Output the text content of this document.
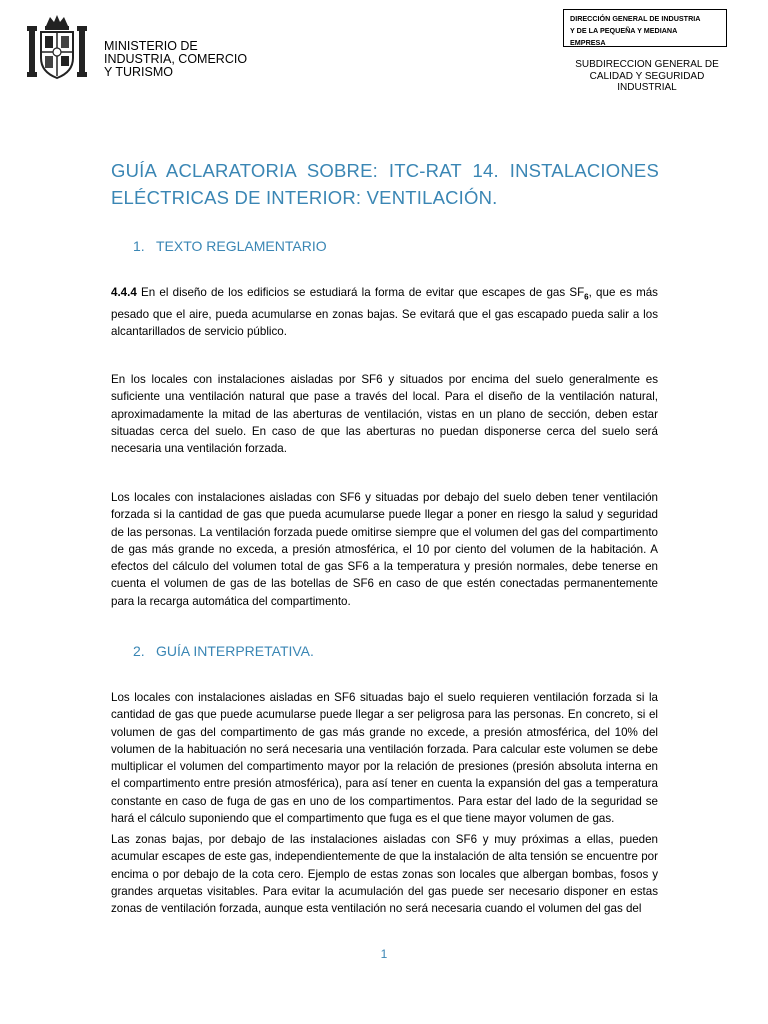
MINISTERIO DE
INDUSTRIA, COMERCIO
Y TURISMO
DIRECCIÓN GENERAL DE INDUSTRIA
Y DE LA PEQUEÑA Y MEDIANA
EMPRESA
SUBDIRECCION GENERAL DE
CALIDAD Y SEGURIDAD
INDUSTRIAL
GUÍA ACLARATORIA SOBRE: ITC-RAT 14. INSTALACIONES ELÉCTRICAS DE INTERIOR: VENTILACIÓN.
1. TEXTO REGLAMENTARIO
4.4.4 En el diseño de los edificios se estudiará la forma de evitar que escapes de gas $SF_6$, que es más pesado que el aire, pueda acumularse en zonas bajas. Se evitará que el gas escapado pueda salir a los alcantarillados de servicio público.
En los locales con instalaciones aisladas por SF6 y situados por encima del suelo generalmente es suficiente una ventilación natural que pase a través del local. Para el diseño de la ventilación natural, aproximadamente la mitad de las aberturas de ventilación, vistas en un plano de sección, deben estar situadas cerca del suelo. En caso de que las aberturas no puedan disponerse cerca del suelo será necesaria una ventilación forzada.
Los locales con instalaciones aisladas con SF6 y situadas por debajo del suelo deben tener ventilación forzada si la cantidad de gas que pueda acumularse puede llegar a poner en riesgo la salud y seguridad de las personas. La ventilación forzada puede omitirse siempre que el volumen del gas del compartimento de gas más grande no exceda, a presión atmosférica, el 10 por ciento del volumen de la habitación. A efectos del cálculo del volumen total de gas SF6 a la temperatura y presión normales, debe tenerse en cuenta el volumen de gas de las botellas de SF6 en caso de que estén conectadas permanentemente para la recarga automática del compartimento.
2. GUÍA INTERPRETATIVA.
Los locales con instalaciones aisladas en SF6 situadas bajo el suelo requieren ventilación forzada si la cantidad de gas que puede acumularse puede llegar a ser peligrosa para las personas. En concreto, si el volumen de gas del compartimento de gas más grande no excede, a presión atmosférica, del 10% del volumen de la habituación no será necesaria una ventilación forzada. Para calcular este volumen se debe multiplicar el volumen del compartimento mayor por la relación de presiones (presión absoluta interna en el compartimento entre presión atmosférica), para así tener en cuenta la expansión del gas a temperatura constante en caso de fuga de gas en uno de los compartimentos. Para estar del lado de la seguridad se hará el cálculo suponiendo que el compartimento que fuga es el que tiene mayor volumen de gas.
Las zonas bajas, por debajo de las instalaciones aisladas con SF6 y muy próximas a ellas, pueden acumular escapes de este gas, independientemente de que la instalación de alta tensión se encuentre por encima o por debajo de la cota cero. Ejemplo de estas zonas son locales que albergan bombas, fosos y grandes arquetas visitables. Para evitar la acumulación del gas puede ser necesario disponer en estas zonas de ventilación forzada, aunque esta ventilación no será necesaria cuando el volumen del gas del
1
